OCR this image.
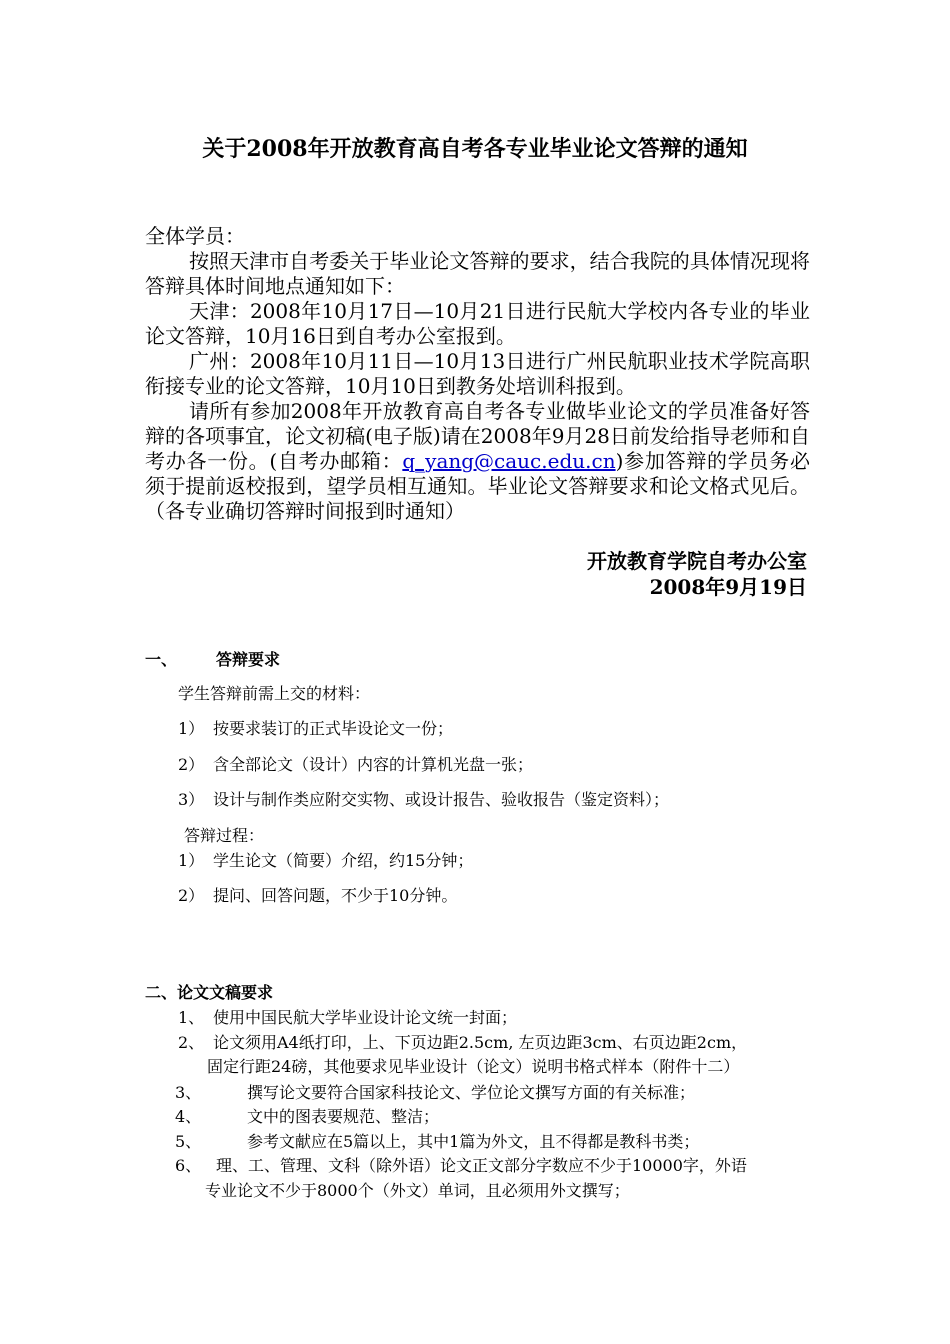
关于2008年开放教育高自考各专业毕业论文答辩的通知

全体学员：

按照天津市自考委关于毕业论文答辩的要求，结合我院的具体情况现将答辩具体时间地点通知如下：

天津：2008年10月17日—10月21日进行民航大学校内各专业的毕业论文答辩，10月16日到自考办公室报到。

广州：2008年10月11日—10月13日进行广州民航职业技术学院高职衔接专业的论文答辩，10月10日到教务处培训科报到。

请所有参加2008年开放教育高自考各专业做毕业论文的学员准备好答辩的各项事宜，论文初稿(电子版)请在2008年9月28日前发给指导老师和自考办各一份。(自考办邮箱：q_yang@cauc.edu.cn)参加答辩的学员务必须于提前返校报到，望学员相互通知。毕业论文答辩要求和论文格式见后。（各专业确切答辩时间报到时通知）

开放教育学院自考办公室
2008年9月19日
一、 答辩要求
学生答辩前需上交的材料：
1） 按要求装订的正式毕设论文一份；
2） 含全部论文（设计）内容的计算机光盘一张；
3） 设计与制作类应附交实物、或设计报告、验收报告（鉴定资料）；
答辩过程：
1） 学生论文（简要）介绍，约15分钟；
2） 提问、回答问题，不少于10分钟。
二、论文文稿要求
1、 使用中国民航大学毕业设计论文统一封面；
2、 论文须用A4纸打印，上、下页边距2.5cm, 左页边距3cm、右页边距2cm，
固定行距24磅，其他要求见毕业设计（论文）说明书格式样本（附件十二）
3、	撰写论文要符合国家科技论文、学位论文撰写方面的有关标准；
4、	文中的图表要规范、整洁；
5、	参考文献应在5篇以上，其中1篇为外文，且不得都是教科书类；
6、 理、工、管理、文科（除外语）论文正文部分字数应不少于10000字，外语
专业论文不少于8000个（外文）单词，且必须用外文撰写；
